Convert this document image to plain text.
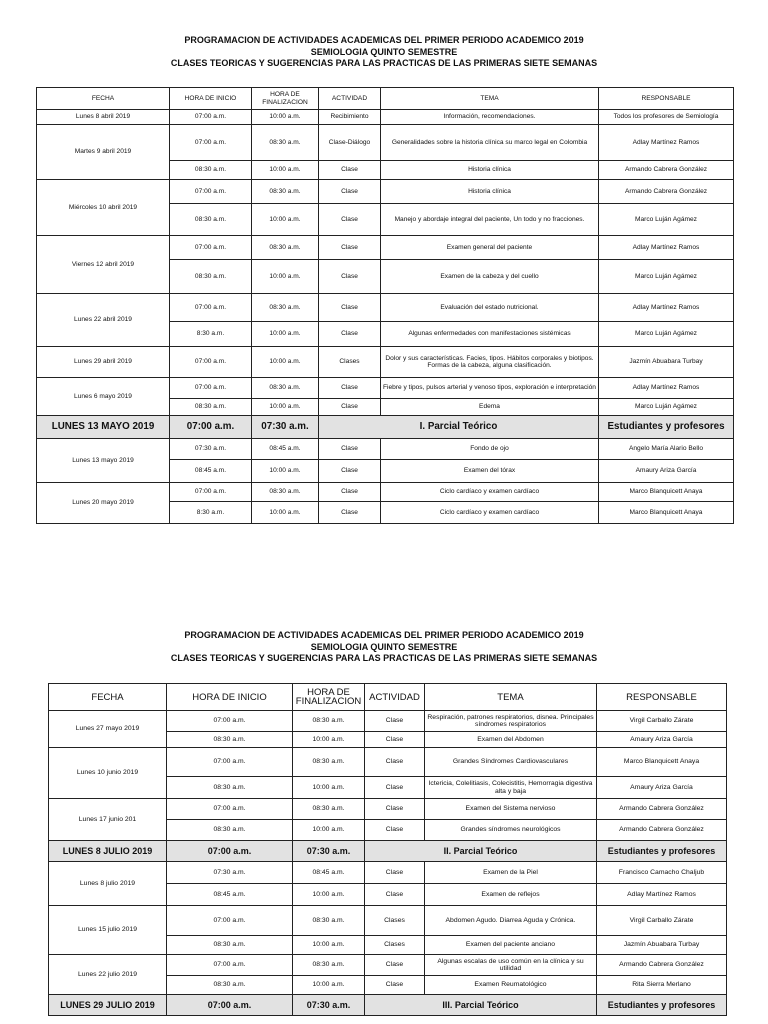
PROGRAMACION DE ACTIVIDADES ACADEMICAS DEL PRIMER PERIODO ACADEMICO 2019
SEMIOLOGIA QUINTO SEMESTRE
CLASES TEORICAS Y SUGERENCIAS PARA LAS PRACTICAS DE LAS PRIMERAS SIETE SEMANAS
FECHA	HORA DE INICIO	HORA DE FINALIZACION	ACTIVIDAD	TEMA	RESPONSABLE
Lunes 8 abril 2019	07:00 a.m.	10:00 a.m.	Recibimiento	Información, recomendaciones.	Todos los profesores de Semiología
Martes 9 abril 2019	07:00 a.m.	08:30 a.m.	Clase-Diálogo	Generalidades sobre la historia clínica su marco legal en Colombia	Adlay Martínez Ramos
	08:30 a.m.	10:00 a.m.	Clase	Historia clínica	Armando Cabrera González
Miércoles 10 abril 2019	07:00 a.m.	08:30 a.m.	Clase	Historia clínica	Armando Cabrera González
	08:30 a.m.	10:00 a.m.	Clase	Manejo y abordaje integral del paciente, Un todo y no fracciones.	Marco Luján Agámez
Viernes 12 abril 2019	07:00 a.m.	08:30 a.m.	Clase	Examen general del paciente	Adlay Martínez Ramos
	08:30 a.m.	10:00 a.m.	Clase	Examen de la cabeza y del cuello	Marco Luján Agámez
Lunes 22 abril 2019	07:00 a.m.	08:30 a.m.	Clase	Evaluación del estado nutricional.	Adlay Martínez Ramos
	8:30 a.m.	10:00 a.m.	Clase	Algunas enfermedades con manifestaciones sistémicas	Marco Luján Agámez
Lunes 29 abril 2019	07:00 a.m.	10:00 a.m.	Clases	Dolor y sus características. Facies, tipos. Hábitos corporales y biotipos. Formas de la cabeza, alguna clasificación.	Jazmín Abuabara Turbay
Lunes 6 mayo 2019	07:00 a.m.	08:30 a.m.	Clase	Fiebre y tipos, pulsos arterial y venoso tipos, exploración e interpretación	Adlay Martínez Ramos
	08:30 a.m.	10:00 a.m.	Clase	Edema	Marco Luján Agámez
LUNES 13 MAYO 2019	07:00 a.m.	07:30 a.m.	I. Parcial Teórico		Estudiantes y profesores
Lunes 13 mayo 2019	07:30 a.m.	08:45 a.m.	Clase	Fondo de ojo	Angelo María Alario Bello
	08:45 a.m.	10:00 a.m.	Clase	Examen del tórax	Amaury Ariza García
Lunes 20 mayo 2019	07:00 a.m.	08:30 a.m.	Clase	Ciclo cardíaco y examen cardíaco	Marco Blanquicett Anaya
	8:30 a.m.	10:00 a.m.	Clase	Ciclo cardíaco y examen cardíaco	Marco Blanquicett Anaya
PROGRAMACION DE ACTIVIDADES ACADEMICAS DEL PRIMER PERIODO ACADEMICO 2019
SEMIOLOGIA QUINTO SEMESTRE
CLASES TEORICAS Y SUGERENCIAS PARA LAS PRACTICAS DE LAS PRIMERAS SIETE SEMANAS
FECHA	HORA DE INICIO	HORA DE FINALIZACION	ACTIVIDAD	TEMA	RESPONSABLE
Lunes 27 mayo 2019	07:00 a.m.	08:30 a.m.	Clase	Respiración, patrones respiratorios, disnea. Principales síndromes respiratorios	Virgil Carballo Zárate
	08:30 a.m.	10:00 a.m.	Clase	Examen del Abdomen	Amaury Ariza García
Lunes 10 junio 2019	07:00 a.m.	08:30 a.m.	Clase	Grandes Síndromes Cardiovasculares	Marco Blanquicett Anaya
	08:30 a.m.	10:00 a.m.	Clase	Ictericia, Colelitiasis, Colecistitis, Hemorragia digestiva alta y baja	Amaury Ariza García
Lunes 17 junio 201	07:00 a.m.	08:30 a.m.	Clase	Examen del Sistema nervioso	Armando Cabrera González
	08:30 a.m.	10:00 a.m.	Clase	Grandes síndromes neurológicos	Armando Cabrera González
LUNES 8 JULIO 2019	07:00 a.m.	07:30 a.m.	II. Parcial Teórico		Estudiantes y profesores
Lunes 8 julio 2019	07:30 a.m.	08:45 a.m.	Clase	Examen de la Piel	Francisco Camacho Chaljub
	08:45 a.m.	10:00 a.m.	Clase	Examen de reflejos	Adlay Martínez Ramos
Lunes 15 julio 2019	07:00 a.m.	08:30 a.m.	Clases	Abdomen Agudo. Diarrea Aguda y Crónica.	Virgil Carballo Zárate
	08:30 a.m.	10:00 a.m.	Clases	Examen del paciente anciano	Jazmín Abuabara Turbay
Lunes 22 julio 2019	07:00 a.m.	08:30 a.m.	Clase	Algunas escalas de uso común en la clínica y su utilidad	Armando Cabrera González
	08:30 a.m.	10:00 a.m.	Clase	Examen Reumatológico	Rita Sierra Merlano
LUNES 29 JULIO 2019	07:00 a.m.	07:30 a.m.	III. Parcial Teórico		Estudiantes y profesores
